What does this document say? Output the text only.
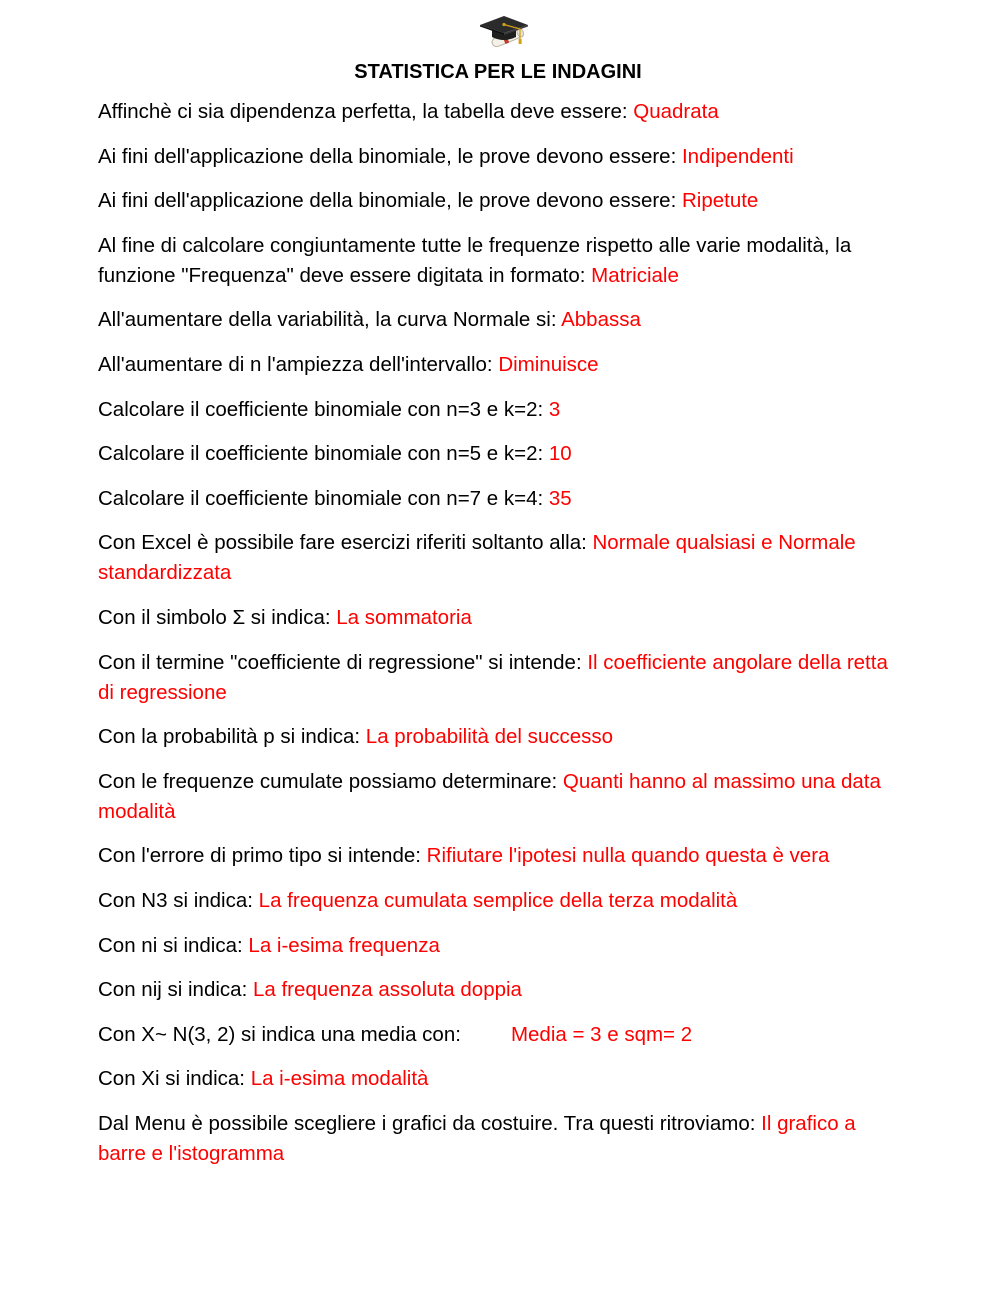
STATISTICA PER LE INDAGINI
Affinchè ci sia dipendenza perfetta, la tabella deve essere: Quadrata
Ai fini dell'applicazione della binomiale, le prove devono essere: Indipendenti
Ai fini dell'applicazione della binomiale, le prove devono essere: Ripetute
Al fine di calcolare congiuntamente tutte le frequenze rispetto alle varie modalità, la funzione "Frequenza" deve essere digitata in formato: Matriciale
All'aumentare della variabilità, la curva Normale si: Abbassa
All'aumentare di n l'ampiezza dell'intervallo: Diminuisce
Calcolare il coefficiente binomiale con n=3 e k=2: 3
Calcolare il coefficiente binomiale con n=5 e k=2: 10
Calcolare il coefficiente binomiale con n=7 e k=4: 35
Con Excel è possibile fare esercizi riferiti soltanto alla: Normale qualsiasi e Normale standardizzata
Con il simbolo Σ si indica: La sommatoria
Con il termine "coefficiente di regressione" si intende: Il coefficiente angolare della retta di regressione
Con la probabilità p si indica: La probabilità del successo
Con le frequenze cumulate possiamo determinare: Quanti hanno al massimo una data modalità
Con l'errore di primo tipo si intende: Rifiutare l'ipotesi nulla quando questa è vera
Con N3 si indica: La frequenza cumulata semplice della terza modalità
Con ni si indica: La i-esima frequenza
Con nij si indica: La frequenza assoluta doppia
Con X~ N(3, 2) si indica una media con: Media = 3 e sqm= 2
Con Xi si indica: La i-esima modalità
Dal Menu è possibile scegliere i grafici da costuire. Tra questi ritroviamo: Il grafico a barre e l'istogramma
